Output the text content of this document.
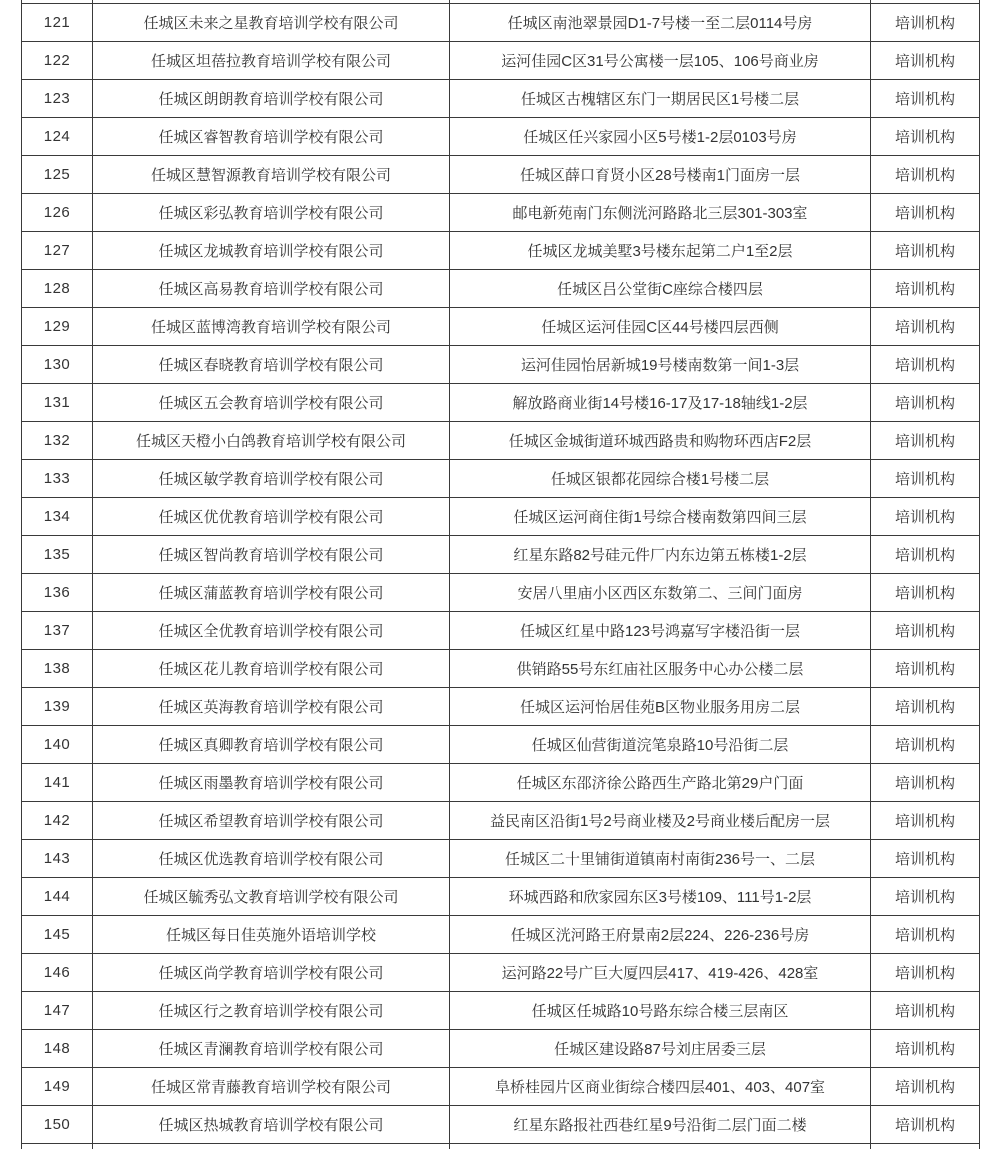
121	任城区未来之星教育培训学校有限公司	任城区南池翠景园D1-7号楼一至二层0114号房	培训机构
122	任城区坦蓓拉教育培训学校有限公司	运河佳园C区31号公寓楼一层105、106号商业房	培训机构
123	任城区朗朗教育培训学校有限公司	任城区古槐辖区东门一期居民区1号楼二层	培训机构
124	任城区睿智教育培训学校有限公司	任城区任兴家园小区5号楼1-2层0103号房	培训机构
125	任城区慧智源教育培训学校有限公司	任城区薛口育贤小区28号楼南1门面房一层	培训机构
126	任城区彩弘教育培训学校有限公司	邮电新苑南门东侧洸河路路北三层301-303室	培训机构
127	任城区龙城教育培训学校有限公司	任城区龙城美墅3号楼东起第二户1至2层	培训机构
128	任城区高易教育培训学校有限公司	任城区吕公堂街C座综合楼四层	培训机构
129	任城区蓝博湾教育培训学校有限公司	任城区运河佳园C区44号楼四层西侧	培训机构
130	任城区春晓教育培训学校有限公司	运河佳园怡居新城19号楼南数第一间1-3层	培训机构
131	任城区五会教育培训学校有限公司	解放路商业街14号楼16-17及17-18轴线1-2层	培训机构
132	任城区天橙小白鸽教育培训学校有限公司	任城区金城街道环城西路贵和购物环西店F2层	培训机构
133	任城区敏学教育培训学校有限公司	任城区银都花园综合楼1号楼二层	培训机构
134	任城区优优教育培训学校有限公司	任城区运河商住街1号综合楼南数第四间三层	培训机构
135	任城区智尚教育培训学校有限公司	红星东路82号硅元件厂内东边第五栋楼1-2层	培训机构
136	任城区蒲蓝教育培训学校有限公司	安居八里庙小区西区东数第二、三间门面房	培训机构
137	任城区全优教育培训学校有限公司	任城区红星中路123号鸿嘉写字楼沿街一层	培训机构
138	任城区花儿教育培训学校有限公司	供销路55号东红庙社区服务中心办公楼二层	培训机构
139	任城区英海教育培训学校有限公司	任城区运河怡居佳苑B区物业服务用房二层	培训机构
140	任城区真卿教育培训学校有限公司	任城区仙营街道浣笔泉路10号沿街二层	培训机构
141	任城区雨墨教育培训学校有限公司	任城区东邵济徐公路西生产路北第29户门面	培训机构
142	任城区希望教育培训学校有限公司	益民南区沿街1号2号商业楼及2号商业楼后配房一层	培训机构
143	任城区优选教育培训学校有限公司	任城区二十里铺街道镇南村南街236号一、二层	培训机构
144	任城区毓秀弘文教育培训学校有限公司	环城西路和欣家园东区3号楼109、111号1-2层	培训机构
145	任城区每日佳英施外语培训学校	任城区洸河路王府景南2层224、226-236号房	培训机构
146	任城区尚学教育培训学校有限公司	运河路22号广巨大厦四层417、419-426、428室	培训机构
147	任城区行之教育培训学校有限公司	任城区任城路10号路东综合楼三层南区	培训机构
148	任城区青澜教育培训学校有限公司	任城区建设路87号刘庄居委三层	培训机构
149	任城区常青藤教育培训学校有限公司	阜桥桂园片区商业街综合楼四层401、403、407室	培训机构
150	任城区热城教育培训学校有限公司	红星东路报社西巷红星9号沿街二层门面二楼	培训机构
